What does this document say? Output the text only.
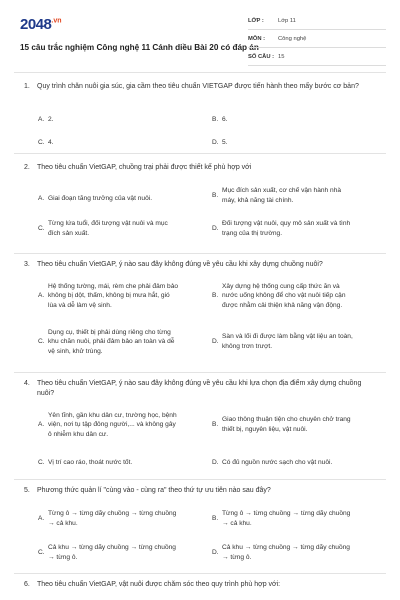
$2048^{.vn}$
15 câu trắc nghiệm Công nghệ 11 Cánh diều Bài 20 có đáp án
LỚP :	Lớp 11
MÔN :	Công nghệ
SỐ CÂU : 15
1.	Quy trình chăn nuôi gia súc, gia cầm theo tiêu chuẩn VIETGAP được tiến hành theo mấy bước cơ bản?
A. 2.	B. 6.
C. 4.	D. 5.
2.	Theo tiêu chuẩn VietGAP, chuồng trại phải được thiết kế phù hợp với
A. Giai đoạn tăng trưởng của vật nuôi.	B.
Mục đích sản xuất, cơ chế vận hành nhà máy, khả năng tài chính.
C.
Từng lứa tuổi, đối tượng vật nuôi và mục đích sản xuất.
D.
Đối tượng vật nuôi, quy mô sản xuất và tình trạng của thị trường.
3.	Theo tiêu chuẩn VietGAP, ý nào sau đây không đúng về yêu cầu khi xây dựng chuồng nuôi?
A.
Hệ thống tường, mái, rèm che phải đảm bảo không bị dột, thấm, không bị mưa hắt, gió lùa và dễ làm vệ sinh.
B.
Xây dựng hệ thống cung cấp thức ăn và nước uống không để cho vật nuôi tiếp cận được nhằm cải thiện khả năng vận động.
C.
Dụng cụ, thiết bị phải dùng riêng cho từng khu chăn nuôi, phải đảm bảo an toàn và dễ vệ sinh, khử trùng.
D.
Sàn và lối đi được làm bằng vật liệu an toàn, không trơn trượt.
4.	Theo tiêu chuẩn VietGAP, ý nào sau đây không đúng về yêu cầu khi lựa chọn địa điểm xây dựng chuồng nuôi?
A.
Yên tĩnh, gần khu dân cư, trường học, bệnh viện, nơi tụ tập đông người,... và không gây ô nhiễm khu dân cư.
B.
Giao thông thuận tiện cho chuyên chở trang thiết bị, nguyên liệu, vật nuôi.
C. Vị trí cao ráo, thoát nước tốt.	D. Có đủ nguồn nước sạch cho vật nuôi.
5.	Phương thức quản lí "cùng vào - cùng ra" theo thứ tự ưu tiên nào sau đây?
A.
Từng ô → từng dãy chuồng → từng chuồng → cả khu.
B.
Từng ô → từng chuồng → từng dãy chuồng → cả khu.
C.
Cả khu → từng dãy chuồng → từng chuồng → từng ô.
D.
Cả khu → từng chuồng → từng dãy chuồng → từng ô.
6.	Theo tiêu chuẩn VietGAP, vật nuôi được chăm sóc theo quy trình phù hợp với:
